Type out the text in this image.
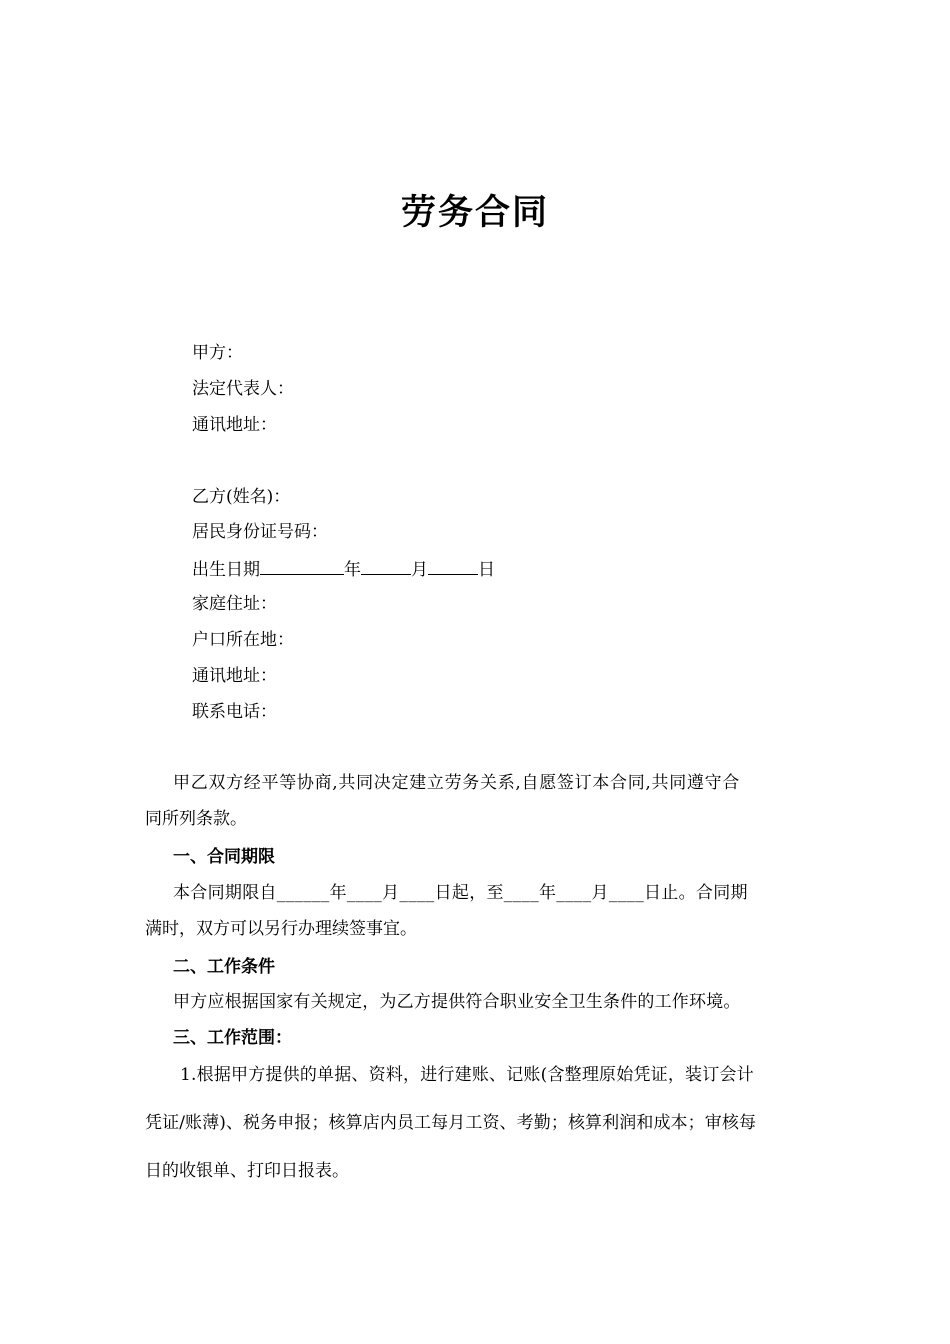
劳务合同
甲方：
法定代表人：
通讯地址：
乙方(姓名)：
居民身份证号码：
出生日期	年	月	日
家庭住址：
户口所在地：
通讯地址：
联系电话：
甲乙双方经平等协商,共同决定建立劳务关系,自愿签订本合同,共同遵守合
同所列条款。
一、合同期限
本合同期限自______年____月____日起，至____年____月____日止。合同期
满时，双方可以另行办理续签事宜。
二、工作条件
甲方应根据国家有关规定，为乙方提供符合职业安全卫生条件的工作环境。
三、工作范围：
1.根据甲方提供的单据、资料，进行建账、记账(含整理原始凭证，装订会计
凭证/账薄)、税务申报；核算店内员工每月工资、考勤；核算利润和成本；审核每
日的收银单、打印日报表。
